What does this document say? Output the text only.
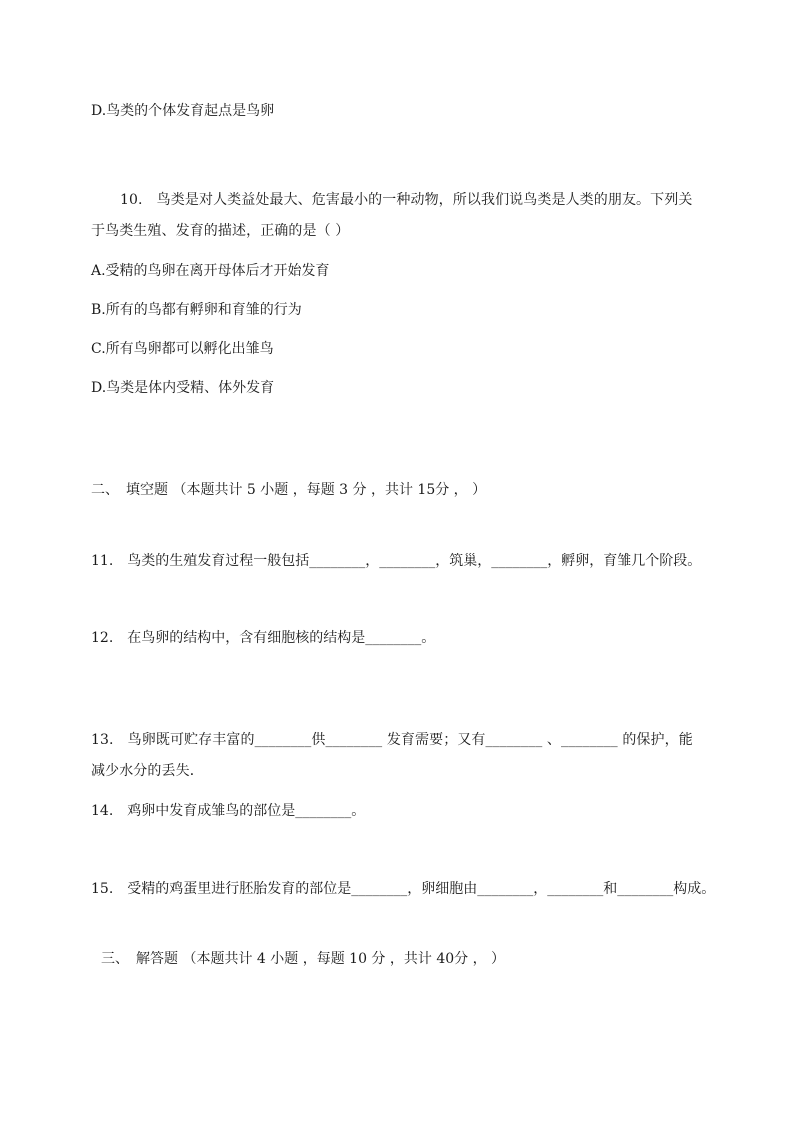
D.鸟类的个体发育起点是鸟卵
10.　鸟类是对人类益处最大、危害最小的一种动物，所以我们说鸟类是人类的朋友。下列关于鸟类生殖、发育的描述，正确的是（ ）
A.受精的鸟卵在离开母体后才开始发育
B.所有的鸟都有孵卵和育雏的行为
C.所有鸟卵都可以孵化出雏鸟
D.鸟类是体内受精、体外发育
二、　填空题 （本题共计 5 小题 ，每题 3 分 ，共计 15分 ， ）
11.　鸟类的生殖发育过程一般包括________，________，筑巢，________，孵卵，育雏几个阶段。
12.　在鸟卵的结构中，含有细胞核的结构是________。
13.　鸟卵既可贮存丰富的________供________ 发育需要；又有________ 、________ 的保护，能减少水分的丢失．
14.　鸡卵中发育成雏鸟的部位是________。
15.　受精的鸡蛋里进行胚胎发育的部位是________，卵细胞由________，________和________构成。
三、　解答题 （本题共计 4 小题 ，每题 10 分 ，共计 40分 ， ）
